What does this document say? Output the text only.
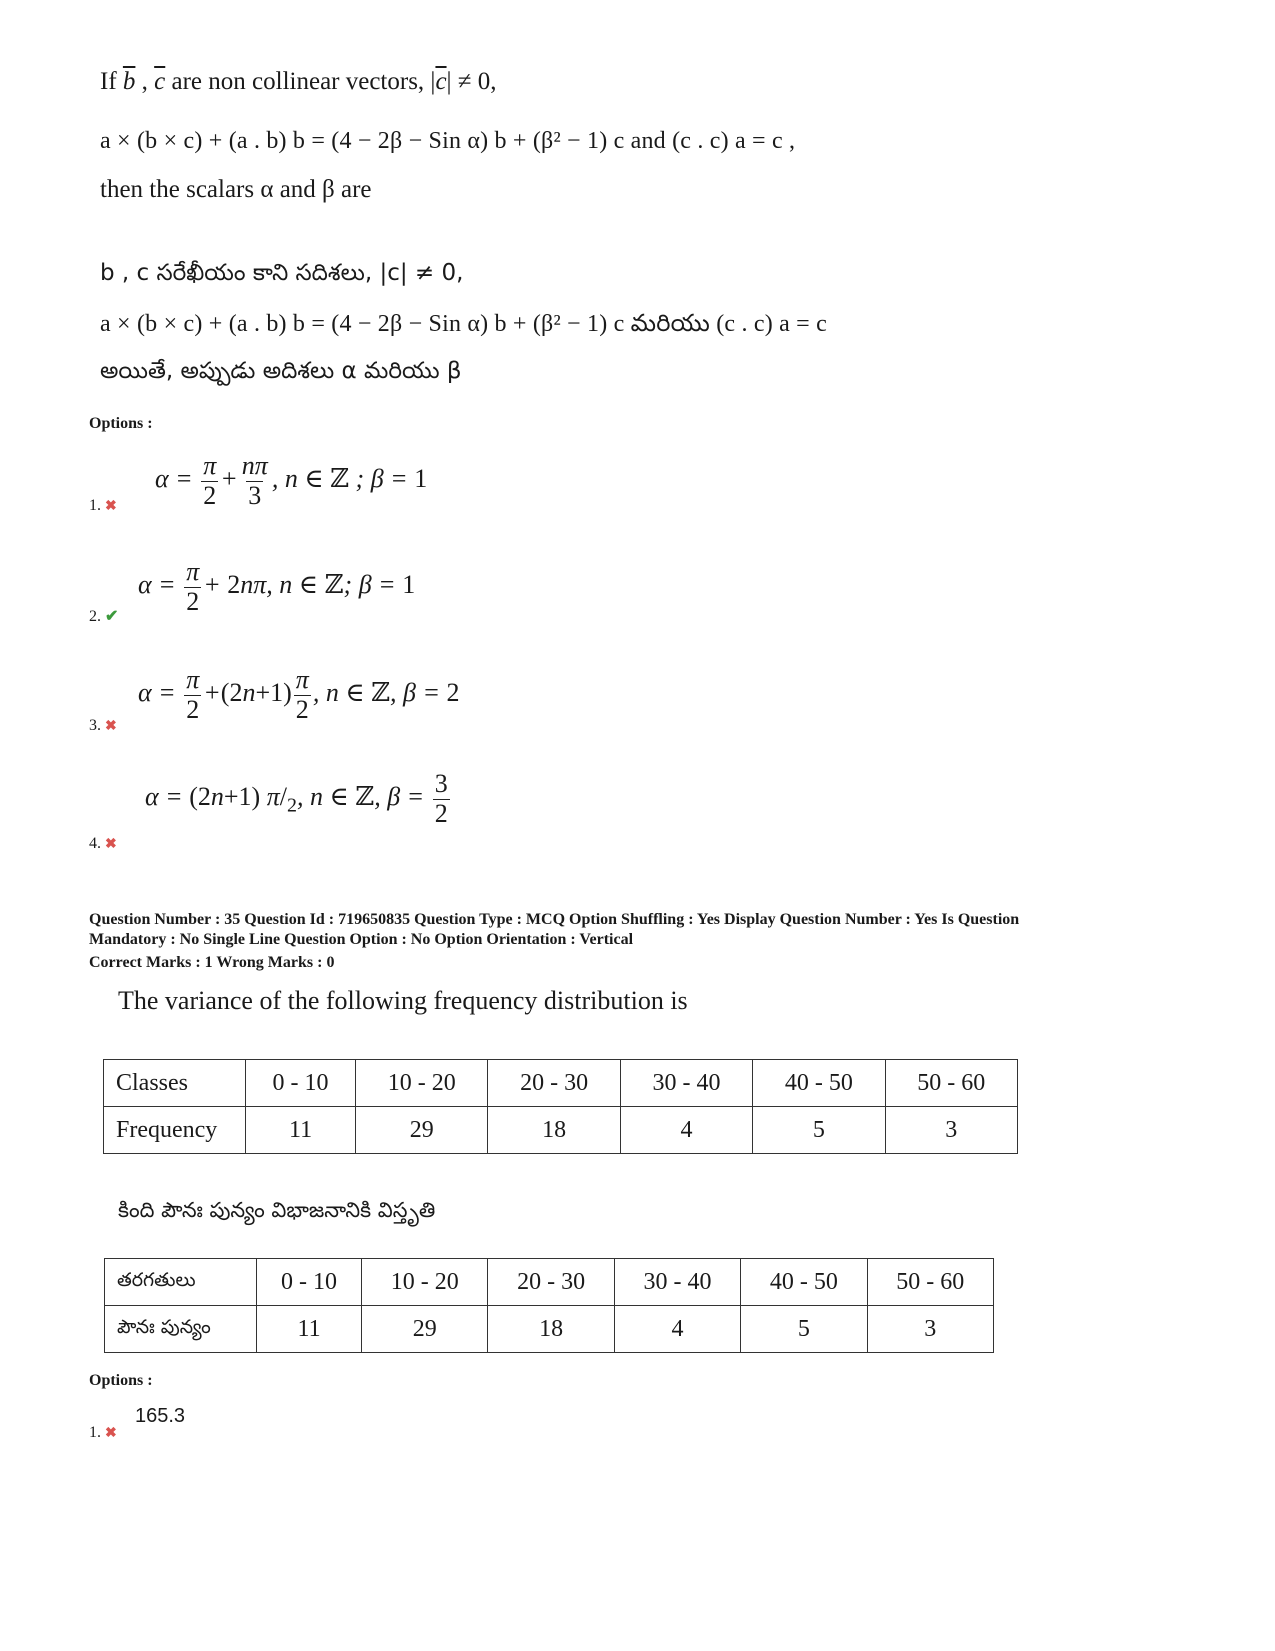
If $\overline{b}$ , $\overline{c}$ are non collinear vectors, $|\overline{c}| \ne 0$,
a × (b × c) + (a . b) b = (4 − 2β − Sin α) b + (β² − 1) c and (c . c) a = c ,
then the scalars α and β are
b , c సరేఖీయం కాని సదిశలు, |c| ≠ 0,
a × (b × c) + (a . b) b = (4 − 2β − Sin α) b + (β² − 1) c మరియు (c . c) a = c
అయితే, అప్పుడు అదిశలు α మరియు β
Options :
$\alpha = \frac{\pi}{2} + \frac{n\pi}{3}$ , n ∈ ℤ ; β = 1
1. ✖
$\alpha = \frac{\pi}{2} + 2n\pi$, n ∈ ℤ; β = 1
2. ✔
$\alpha = \frac{\pi}{2} +(2n+1) \frac{\pi}{2}$ , n ∈ ℤ, β = 2
3. ✖
α = (2n+1) $\pi/_2$, n ∈ ℤ, $\beta = \frac{3}{2}$
4. ✖
Question Number : 35 Question Id : 719650835 Question Type : MCQ Option Shuffling : Yes Display Question Number : Yes Is Question
Mandatory : No Single Line Question Option : No Option Orientation : Vertical
Correct Marks : 1 Wrong Marks : 0
The variance of the following frequency distribution is
Classes	0 - 10	10 - 20	20 - 30	30 - 40	40 - 50	50 - 60
Frequency	11	29	18	4	5	3
కింది పౌనః పున్యం విభాజనానికి విస్తృతి
తరగతులు	0 - 10	10 - 20	20 - 30	30 - 40	40 - 50	50 - 60
పౌనః పున్యం	11	29	18	4	5	3
Options :
165.3
1. ✖
